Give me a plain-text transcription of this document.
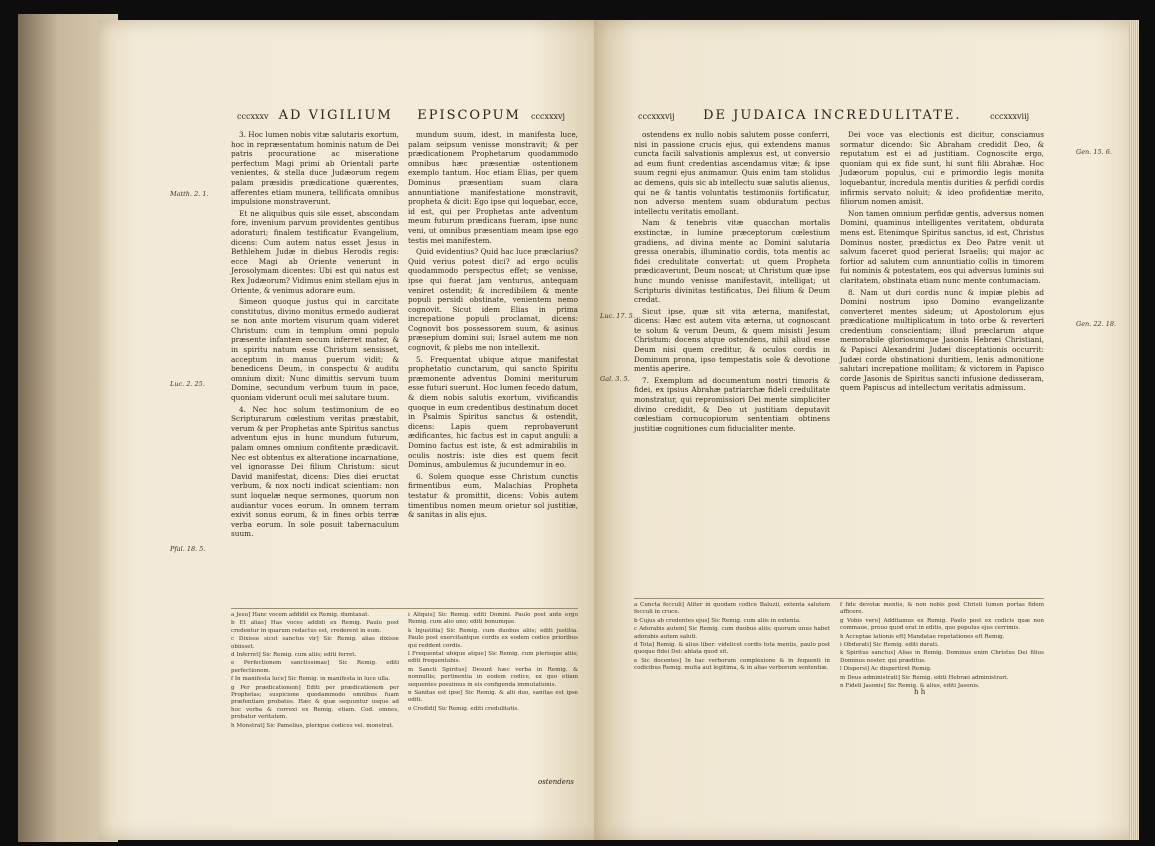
cccxxxv AD VIGILIUM EPISCOPUM cccxxxvj
Matth. 2. 1.
Luc. 2. 25.
Pfal. 18. 5.

3. Hoc lumen nobis vitæ salutaris exortum, hoc in repræsentatum hominis natum de Dei patris procuratione ac miseratione perfectum Magi primi ab Orientali parte venientes, & stella duce Judæorum regem palam præsidis prædicatione quærentes, afferentes etiam munera, tellificata omnibus impulsione monstraverunt.

Et ne aliquibus quis sile esset, abscondam fore, invenium parvum providentes gentibus adoraturi; finalem testificatur Evangelium, dicens: Cum autem natus esset Jesus in Bethlehem Judæ in diebus Herodis regis: ecce Magi ab Oriente venerunt in Jerosolymam dicentes: Ubi est qui natus est Rex Judæorum? Vidimus enim stellam ejus in Oriente, & venimus adorare eum.

Simeon quoque justus qui in carcitate constitutus, divino monitus ermedo audierat se non ante mortem visurum quam videret Christum: cum in templum omni populo præsente infantem secum inferret mater, & in spiritu natum esse Christum sensisset, acceptum in manus puerum vidit; & benedicens Deum, in conspectu & auditu omnium dixit: Nunc dimittis servum tuum Domine, secundum verbum tuum in pace, quoniam viderunt oculi mei salutare tuum.

4. Nec hoc solum testimonium de eo Scripturarum cœlestium veritas præstabit, verum & per Prophetas ante Spiritus sanctus adventum ejus in hunc mundum futurum, palam omnes omnium confitente prædicavit. Nec est obtentus ex alteratione incarnatione, vel ignorasse Dei filium Christum: sicut David manifestat, dicens: Dies diei eructat verbum, & nox nocti indicat scientiam: non sunt loquelæ neque sermones, quorum non audiantur voces eorum. In omnem terram exivit sonus eorum, & in fines orbis terræ verba eorum. In sole posuit tabernaculum suum.

mundum suum, idest, in manifesta luce, palam seipsum venisse monstravit; & per prædicationem Prophetarum quodammodo omnibus hæc præsentiæ ostentionem exemplo tantum. Hoc etiam Elias, per quem Dominus præsentiam suam clara annuntiatione manifestatione monstravit, propheta & dicit: Ego ipse qui loquebar, ecce, id est, qui per Prophetas ante adventum meum futurum prædicans fueram, ipse nunc veni, ut omnibus præsentiam meam ipse ego testis mei manifestem.

Quid evidentius? Quid hac luce præclarius? Quid verius potest dici? ad ergo oculis quodammodo perspectus effet; se venisse, ipse qui fuerat jam venturus, antequam veniret ostendit; & incredibilem & mente populi persidi obstinate, venientem nemo cognovit. Sicut idem Elias in prima increpatione populi proclamat, dicens: Cognovit bos possessorem suum, & asinus præsepium domini sui; Israel autem me non cognovit, & plebs me non intellexit.

5. Frequentat ubique atque manifestat prophetatio cunctarum, qui sancto Spiritu præmonente adventus Domini meriturum esse futuri suerunt. Hoc lumen fecedo datum, & diem nobis salutis exortum, vivificandis quoque in eum credentibus destinatum docet in Psalmis Spiritus sanctus & ostendit, dicens: Lapis quem reprobaverunt ædificantes, hic factus est in caput anguli: a Domino factus est iste, & est admirabilis in oculis nostris: iste dies est quem fecit Dominus, ambulemus & jucundemur in eo.

6. Solem quoque esse Christum cunctis firmentibus eum, Malachias Propheta testatur & promittit, dicens: Vobis autem timentibus nomen meum orietur sol justitiæ, & sanitas in alis ejus.

a Jesu] Hanc vocem addidit ex Remig. dumtaxat.

b Et alias] Has voces addidi ex Remig. Paulo post credentur in quarum redactus est, crederent in eum.

c Dixisse sicut sanctus vir] Sic Remig. alias dixisse obiisset.

d Inferret] Sic Remig. cum aliis; editi ferret.

e Perfectionem sanctissimae] Sic Remig. editi perfectionem.

f In manifesta luce] Sic Remig. in manifesta in luce ulla.

g Per prædicationem] Editi per prædicationem per Prophetas; suspicione quodammodo omnibus fuam præfentiam probatus. Hæc & quæ sequuntur usque ad hoc verba & correxi ex Remig. etiam. Cod. omnes, probatur veritatem.

h Monstrat] Sic Pamelius, plerique codices vel. monstrat.

i Aliquis] Sic Remig. editi Domini. Paulo post ante ergo Remig. cum alio uno; editi bonumque.

k Injustitia] Sic Remig. cum duobus aliis; editi justitia. Paulo post exercitantque cordis ex eodem codice prioribus qui reddent cordis.

l Frequentat ubique atque] Sic Remig. cum plerisque aliis; editi frequentabis.

m Sancti Spiritus] Desunt hæc verba in Remig. & nonnullis; pertinentia in eodem codice, ex quo etiam sequentes posuimus in eis configenda immutationis.

n Sanitas est ipse] Sic Remig. & alii duo, sanitas est ipse editi.

o Credidi] Sic Remig. editi credulitatis.

ostendens
cccxxxvij DE JUDAICA INCREDULITATE.	cccxxxviij
Gen. 15. 6.
Luc. 17. 5.
Gal. 3. 5.
Gen. 22. 18.

ostendens ex nullo nobis salutem posse conferri, nisi in passione crucis ejus, qui extendens manus cuncta facili salvationis amplexus est, ut conversio ad eum fiunt credentias ascendamus vitæ; & ipse suum regni ejus animamur. Quis enim tam stolidus ac demens, quis sic ab intellectu suæ salutis alienus, qui ne & tantis voluntatis testimoniis fortificatur, non adverso mentem suam obduratum pectus intellectu veritatis emollant.

Nam & tenebris vitæ quacchan mortalis exstinctæ, in lumine præceptorum cœlestium gradiens, ad divina mente ac Domini salutaria gressa onerabis, illuminatio cordis, tota mentis ac fidei credulitate convertat: ut quem Propheta prædicaverunt, Deum noscat; ut Christum quæ ipse hunc mundo venisse manifestavit, intelligat; ut Scripturis divinitas testificatus, Dei filium & Deum credat.

Sicut ipse, quæ sit vita æterna, manifestat, dicens: Hæc est autem vita æterna, ut cognoscant te solum & verum Deum, & quem misisti Jesum Christum: docens atque ostendens, nihil aliud esse Deum nisi quem creditur, & oculos cordis in Dominum prona, ipso tempestatis sole & devotione mentis aperire.

7. Exemplum ad documentum nostri timoris & fidei, ex ipsius Abrahæ patriarchæ fideli credulitate monstratur, qui repromissiori Dei mente simpliciter divino credidit, & Deo ut justitiam deputavit cœlestiam cornucopiorum sententiam obtinens justitiæ cognitiones cum fiducialiter mente.

Dei voce vas electionis est dicitur, consciamus sormatur dicendo: Sic Abraham credidit Deo, & reputatum est ei ad justitiam. Cognoscite ergo, quoniam qui ex fide sunt, hi sunt filii Abrahæ. Hoc Judæorum populus, cui e primordio legis monita loquebantur, incredula mentis durities & perfidi cordis infirmis servato noluit; & ideo profidentiæ merito, filiorum nomen amisit.

Non tamen omnium perfidæ gentis, adversus nomen Domini, quaminus intelligentes veritatem, obdurata mens est. Etenimque Spiritus sanctus, id est, Christus Dominus noster, prædictus ex Deo Patre venit ut salvum faceret quod perierat Israelis; qui major ac fortior ad salutem cum annuntiatio collis in timorem fui nominis & potestatem, eos qui adversus luminis sui claritatem, obstinata etiam nunc mente contumaciam.

8. Nam ut duri cordis nunc & impiæ plebis ad Domini nostrum ipso Domino evangelizante converteret mentes sideum; ut Apostolorum ejus prædicatione multiplicatum in toto orbe & reverteri credentium conscientiam; illud præclarum atque memorabile gloriosumque Jasonis Hebræi Christiani, & Papisci Alexandrini Judæi disceptationis occurrit: Judæi corde obstinationi duritiem, lenis admonitione salutari increpatione mollitam; & victorem in Papisco corde Jasonis de Spiritus sancti infusione dedisseram, quem Papiscus ad intellectum veritatis admissum.

a Cuncta fecculi] Aliter in quodam codice Baluzii, extenta salutem fecculi in cruce.

b Cujus ab credentes ejus] Sic Remig. cum aliis in extenta.

c Adorabis autem] Sic Remig. cum duobus aliis; quorum unus habet adorabis autem saluti.

d Tota] Remig. & alius liber: videlicet cordis tota mentis, paulo post quoque fidei Dei: ablata quod sit.

e Sic docentes] In hac verborum complexione & in fequenti in codicibus Remig. multa aut legitima, & in alias verborum sententiæ.

f fide devotæ mentis, & non nobis post Christi lumen portas fidem afficere.

g Vobis vero] Additamus ex Remig. Paulo post ex codicis quæ non commaue, prouo quod erat in editis, quo populus ejus cerrimis.

h Acceptae lationis eft] Mandatae repetationes eft Remig.

i Obdurati] Sic Remig. editi durati.

k Spiritus sanctus] Alias in Remig. Dominus enim Christus Dei filius Dominus noster, qui præditus.

l Dispersi] Ac dispertiret Remig.

m Deus administrati] Sic Remig. editi Hebræi administrari.

n Fideli Jasonis] Sic Remig. & alius, editi Jasonis.

h h
